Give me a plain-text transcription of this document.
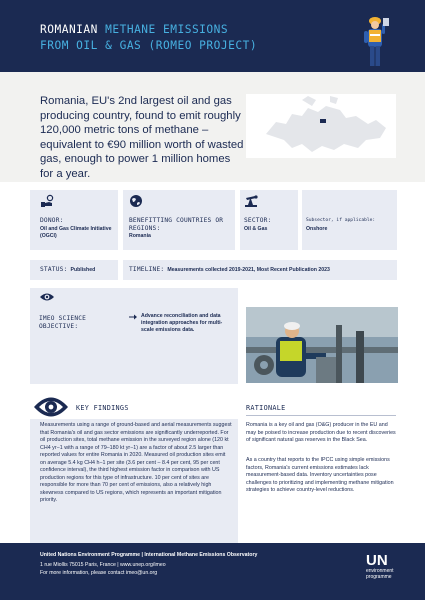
ROMANIAN METHANE EMISSIONS
FROM OIL & GAS (ROMEO PROJECT)

Romania, EU's 2nd largest oil and gas producing country, found to emit roughly 120,000 metric tons of methane – equivalent to €90 million worth of wasted gas, enough to power 1 million homes for a year.

DONOR:
Oil and Gas Climate Initiative (OGCI)
BENEFITTING COUNTRIES OR REGIONS:
Romania
SECTOR:
Oil & Gas
Subsector, if applicable:
Onshore
STATUS: Published	TIMELINE: Measurements collected 2019-2021, Most Recent Publication 2023
IMEO SCIENCE OBJECTIVE:
Advance reconciliation and data integration approaches for multi-scale emissions data.
KEY FINDINGS

Measurements using a range of ground-based and aerial measurements suggest that Romania's oil and gas sector emissions are significantly underreported. For oil production sites, total methane emission in the surveyed region alone (120 kt CH4 yr−1 with a range of 79–180 kt yr−1) are a factor of about 2.5 larger than reported values for entire Romania in 2020. Measured oil production sites emit on average 5.4 kg CH4 h−1 per site (3.6 per cent – 8.4 per cent, 95 per cent confidence interval), the third highest emission factor in comparison with US production regions for this type of infrastructure. 10 per cent of sites are responsible for more than 70 per cent of emissions, also a relatively high skewness compared to US regions, which represents an important mitigation priority.

RATIONALE

Romania is a key oil and gas (O&G) producer in the EU and may be poised to increase production due to recent discoveries of significant natural gas reserves in the Black Sea.

As a country that reports to the IPCC using simple emissions factors, Romania's current emissions estimates lack measurement-based data. Inventory uncertainties pose challenges to prioritizing and implementing methane mitigation strategies to achieve country-level reductions.

United Nations Environment Programme | International Methane Emissions Observatory
1 rue Miollis 75015 Paris, France | www.unep.org/imeo
For more information, please contact imeo@un.org
UN
environment
programme
